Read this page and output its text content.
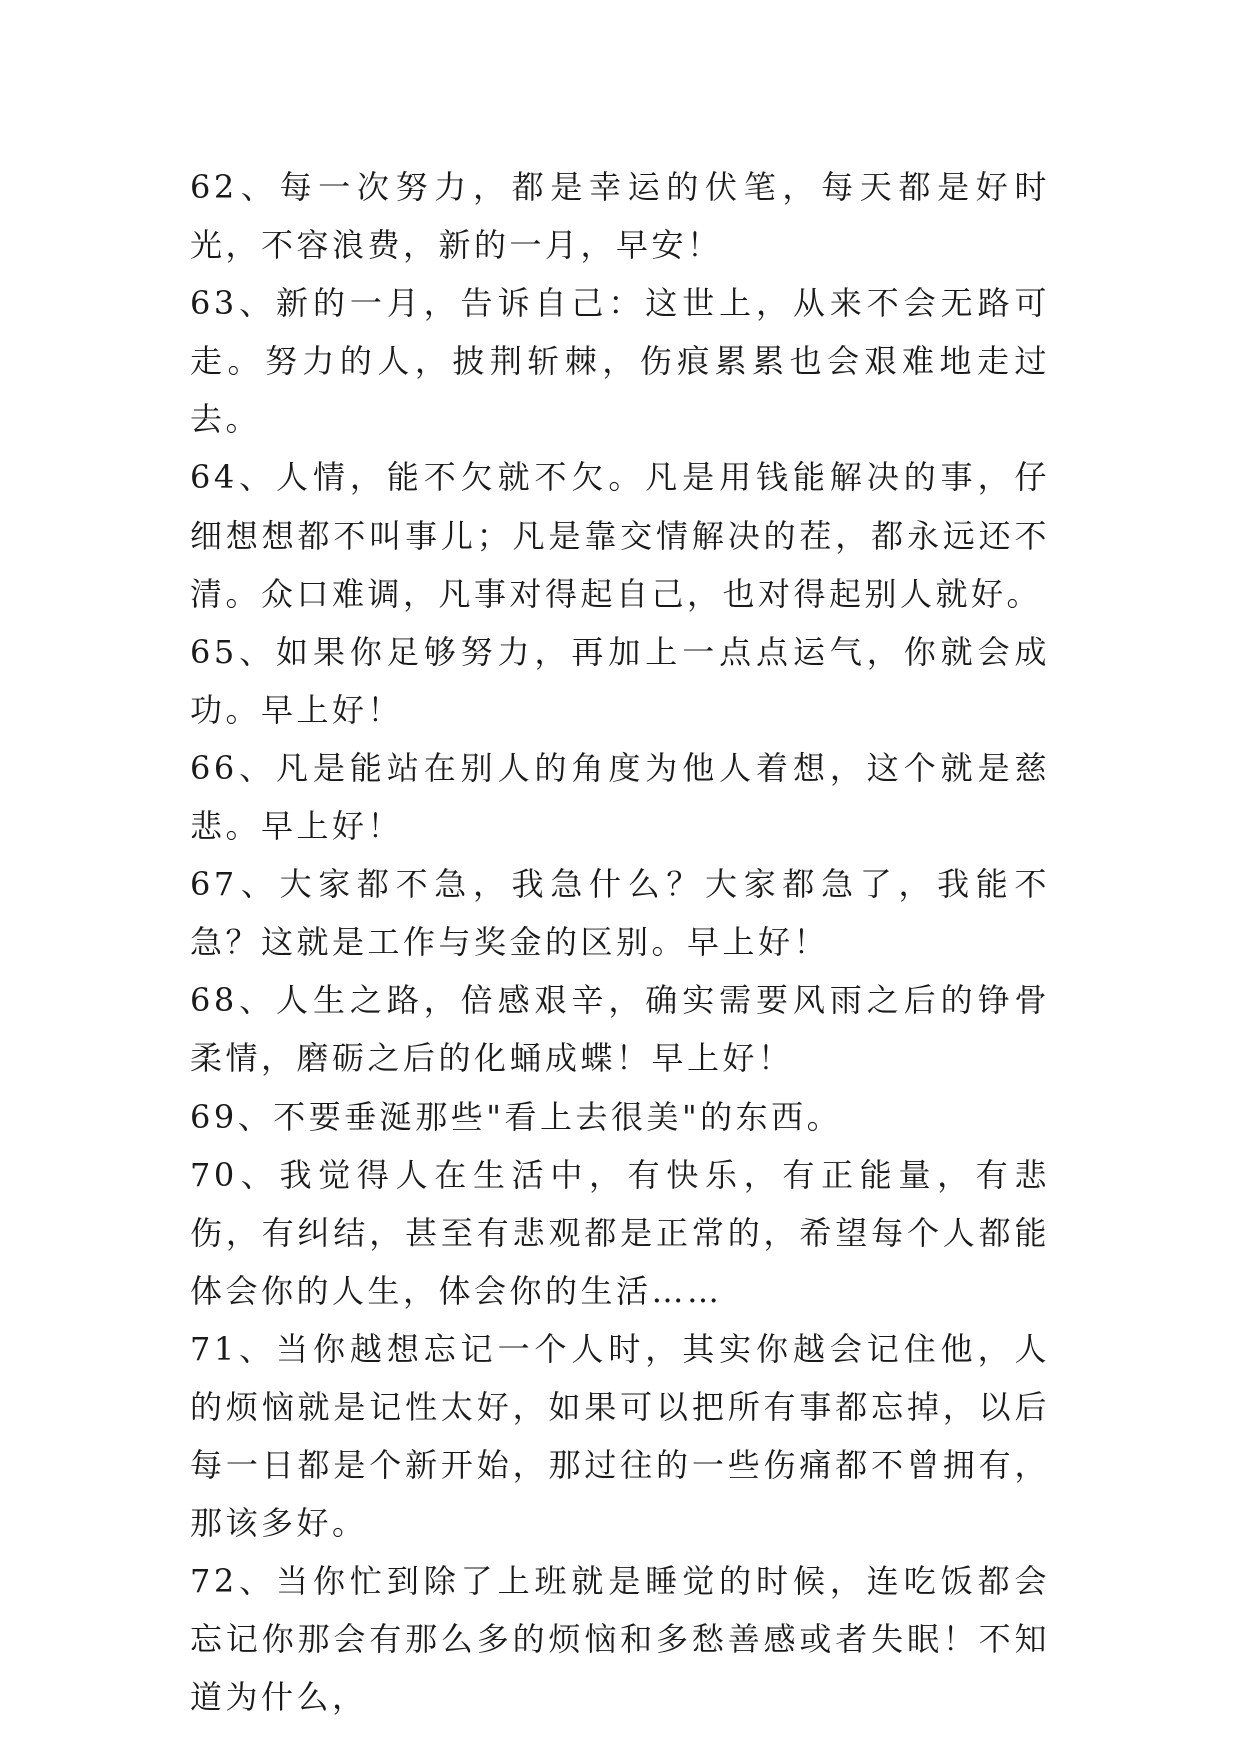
62、每一次努力，都是幸运的伏笔，每天都是好时光，不容浪费，新的一月，早安！

63、新的一月，告诉自己：这世上，从来不会无路可走。努力的人，披荆斩棘，伤痕累累也会艰难地走过去。

64、人情，能不欠就不欠。凡是用钱能解决的事，仔细想想都不叫事儿；凡是靠交情解决的茬，都永远还不清。众口难调，凡事对得起自己，也对得起别人就好。

65、如果你足够努力，再加上一点点运气，你就会成功。早上好！

66、凡是能站在别人的角度为他人着想，这个就是慈悲。早上好！

67、大家都不急，我急什么？大家都急了，我能不急？这就是工作与奖金的区别。早上好！

68、人生之路，倍感艰辛，确实需要风雨之后的铮骨柔情，磨砺之后的化蛹成蝶！早上好！

69、不要垂涎那些"看上去很美"的东西。

70、我觉得人在生活中，有快乐，有正能量，有悲伤，有纠结，甚至有悲观都是正常的，希望每个人都能体会你的人生，体会你的生活……

71、当你越想忘记一个人时，其实你越会记住他，人的烦恼就是记性太好，如果可以把所有事都忘掉，以后每一日都是个新开始，那过往的一些伤痛都不曾拥有，那该多好。

72、当你忙到除了上班就是睡觉的时候，连吃饭都会忘记你那会有那么多的烦恼和多愁善感或者失眠！不知道为什么，
